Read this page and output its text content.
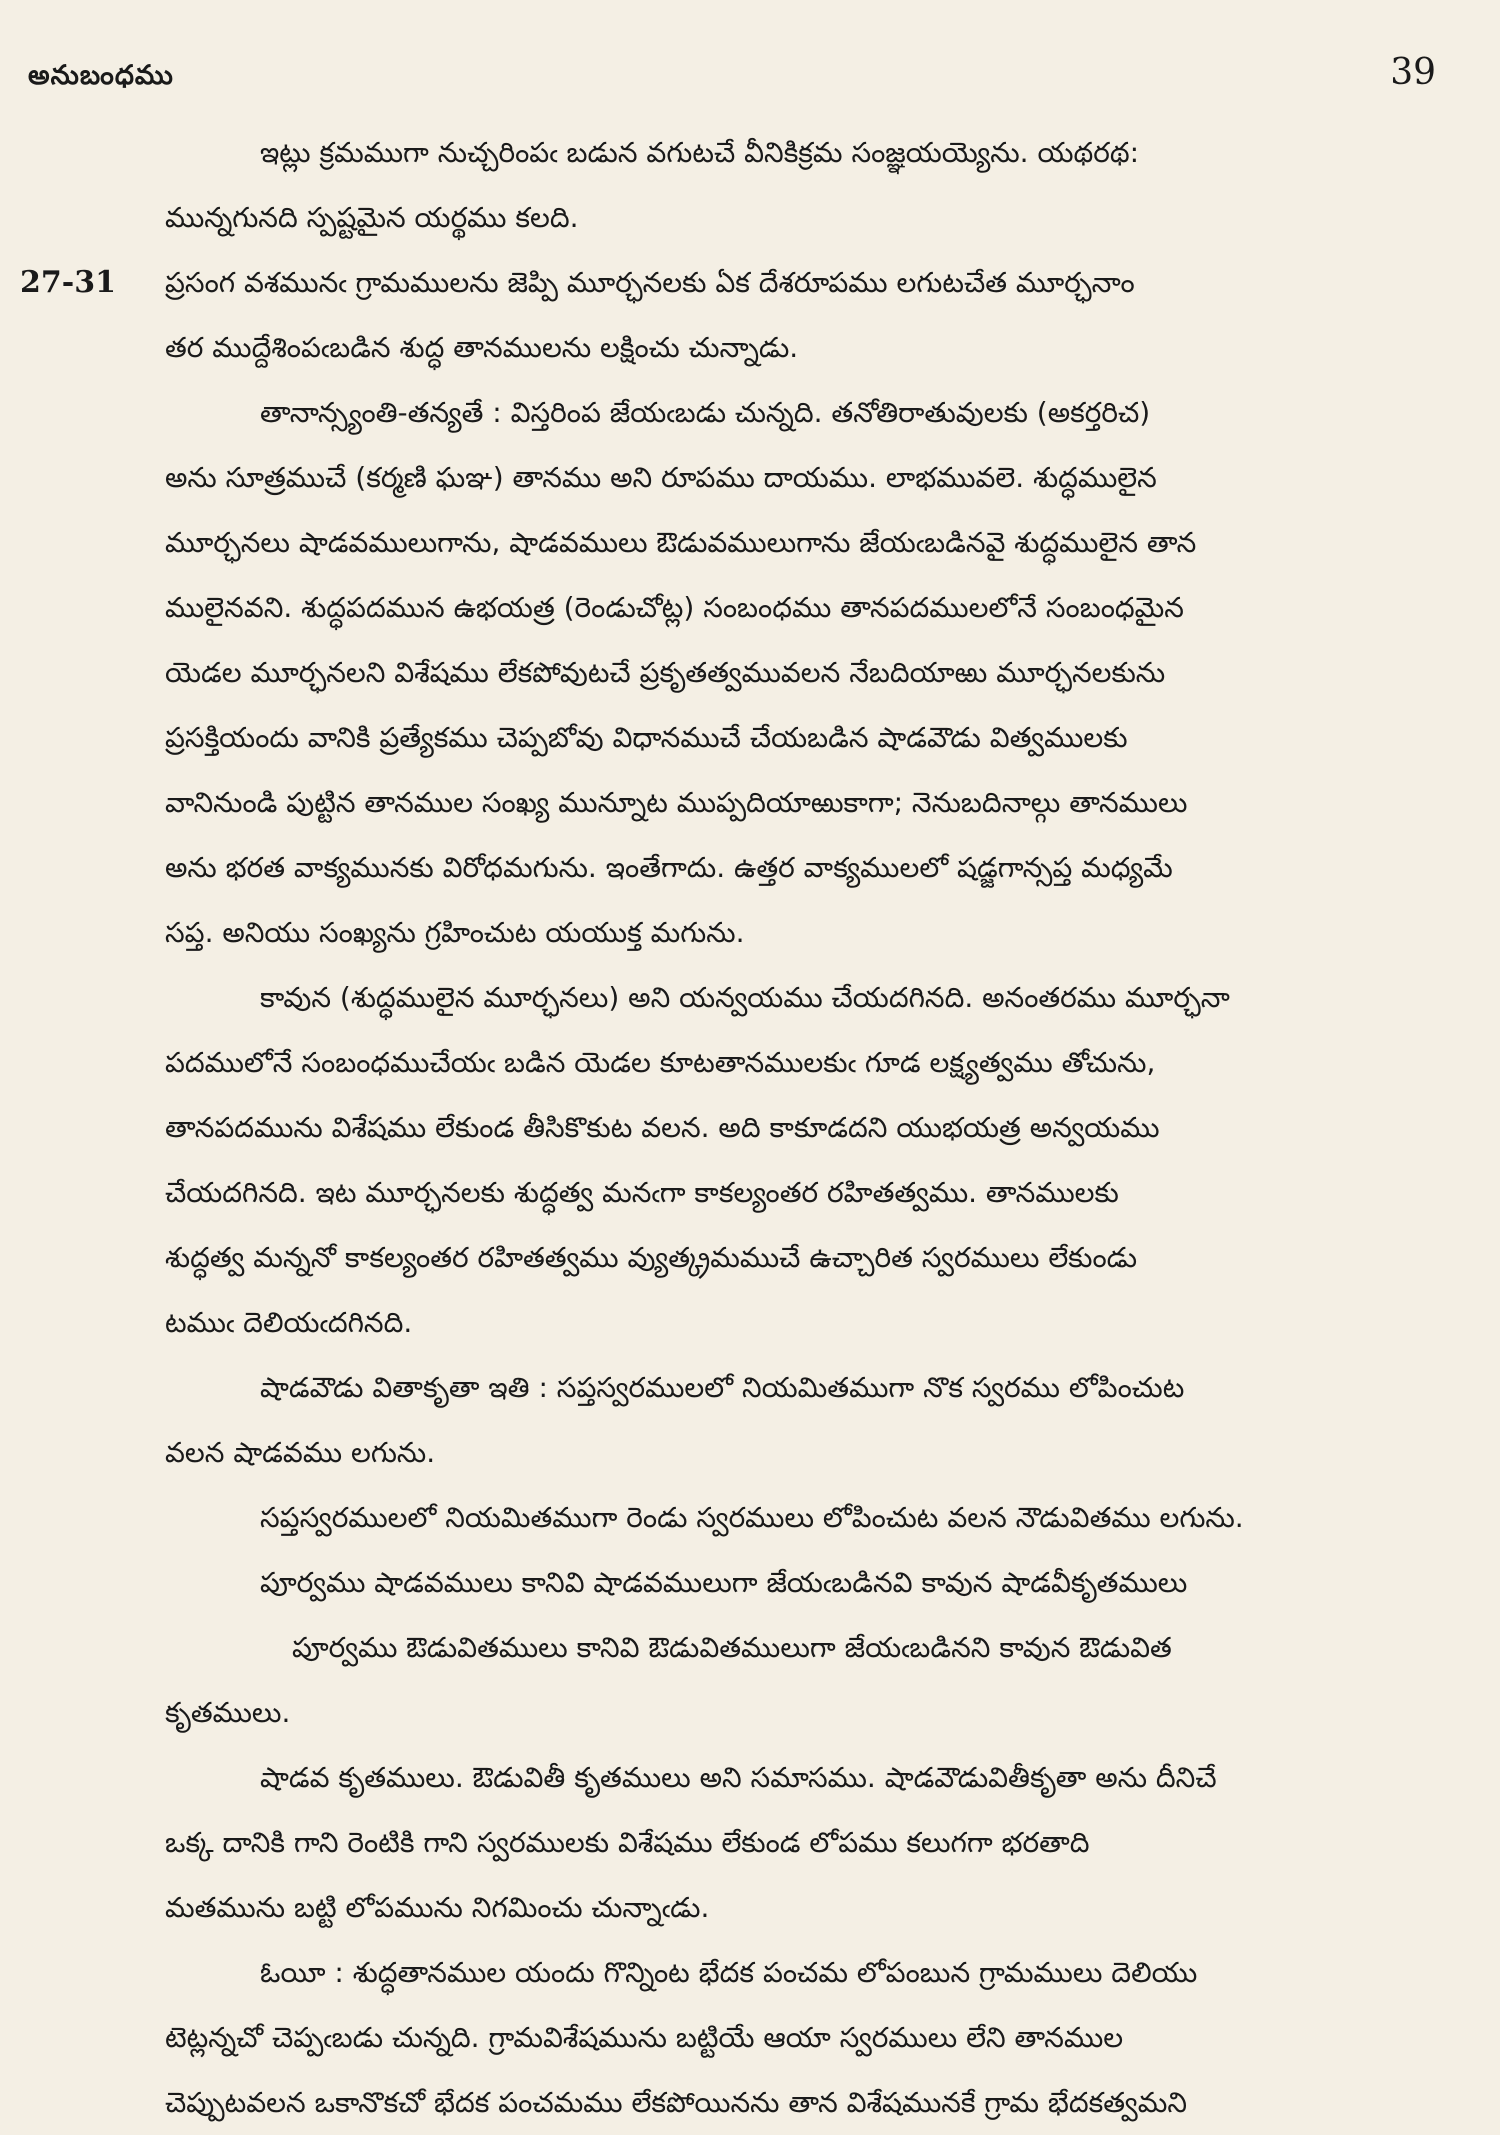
అనుబంధము	39
ఇట్లు క్రమముగా నుచ్చరింపఁ బడున వగుటచే వీనికిక్రమ సంజ్ఞయయ్యెను. యథరథ:
మున్నగునది స్పష్టమైన యర్థము కలది.
27-31 ప్రసంగ వశమునఁ గ్రామములను జెప్పి మూర్ఛనలకు ఏక దేశరూపము లగుటచేత మూర్ఛనాం
తర ముద్దేశింపఁబడిన శుద్ధ తానములను లక్షించు చున్నాడు.
తానాన్స్యంతి-తన్యతే : విస్తరింప జేయఁబడు చున్నది. తనోతిరాతువులకు (అకర్తరిచ)
అను సూత్రముచే (కర్మణి ఘఞ) తానము అని రూపము దాయము. లాభమువలె. శుద్ధములైన
మూర్ఛనలు షాడవములుగాను, షాడవములు ఔడువములుగాను జేయఁబడినవై శుద్ధములైన తాన
ములైనవని. శుద్ధపదమున ఉభయత్ర (రెండుచోట్ల) సంబంధము తానపదములలోనే సంబంధమైన
యెడల మూర్ఛనలని విశేషము లేకపోవుటచే ప్రకృతత్వమువలన నేబదియాఱు మూర్ఛనలకును
ప్రసక్తియందు వానికి ప్రత్యేకము చెప్పబోవు విధానముచే చేయబడిన షాడవౌడు విత్వములకు
వానినుండి పుట్టిన తానముల సంఖ్య మున్నూట ముప్పదియాఱుకాగా; నెనుబదినాల్గు తానములు
అను భరత వాక్యమునకు విరోధమగును. ఇంతేగాదు. ఉత్తర వాక్యములలో షడ్జగాన్సప్త మధ్యమే
సప్త. అనియు సంఖ్యను గ్రహించుట యయుక్త మగును.
కావున (శుద్ధములైన మూర్ఛనలు) అని యన్వయము చేయదగినది. అనంతరము మూర్ఛనా
పదములోనే సంబంధముచేయఁ బడిన యెడల కూటతానములకుఁ గూడ లక్ష్యత్వము తోచును,
తానపదమును విశేషము లేకుండ తీసికొకుట వలన. అది కాకూడదని యుభయత్ర అన్వయము
చేయదగినది. ఇట మూర్ఛనలకు శుద్ధత్వ మనఁగా కాకల్యంతర రహితత్వము. తానములకు
శుద్ధత్వ మన్ననో కాకల్యంతర రహితత్వము వ్యుత్క్రమముచే ఉచ్చారిత స్వరములు లేకుండు
టముఁ దెలియఁదగినది.
షాడవౌడు వితాకృతా ఇతి : సప్తస్వరములలో నియమితముగా నొక స్వరము లోపించుట
వలన షాడవము లగును.
సప్తస్వరములలో నియమితముగా రెండు స్వరములు లోపించుట వలన నౌడువితము లగును.
పూర్వము షాడవములు కానివి షాడవములుగా జేయఁబడినవి కావున షాడవీకృతములు
పూర్వము ఔడువితములు కానివి ఔడువితములుగా జేయఁబడినని కావున ఔడువిత
కృతములు.
షాడవ కృతములు. ఔడువితీ కృతములు అని సమాసము. షాడవౌడువితీకృతా అను దీనిచే
ఒక్క దానికి గాని రెంటికి గాని స్వరములకు విశేషము లేకుండ లోపము కలుగగా భరతాది
మతమును బట్టి లోపమును నిగమించు చున్నాఁడు.
ఓయీ : శుద్ధతానముల యందు గొన్నింట భేదక పంచమ లోపంబున గ్రామములు దెలియు
టెట్లన్నచో చెప్పఁబడు చున్నది. గ్రామవిశేషమును బట్టియే ఆయా స్వరములు లేని తానముల
చెప్పుటవలన ఒకానొకచో భేదక పంచమము లేకపోయినను తాన విశేషమునకే గ్రామ భేదకత్వమని
